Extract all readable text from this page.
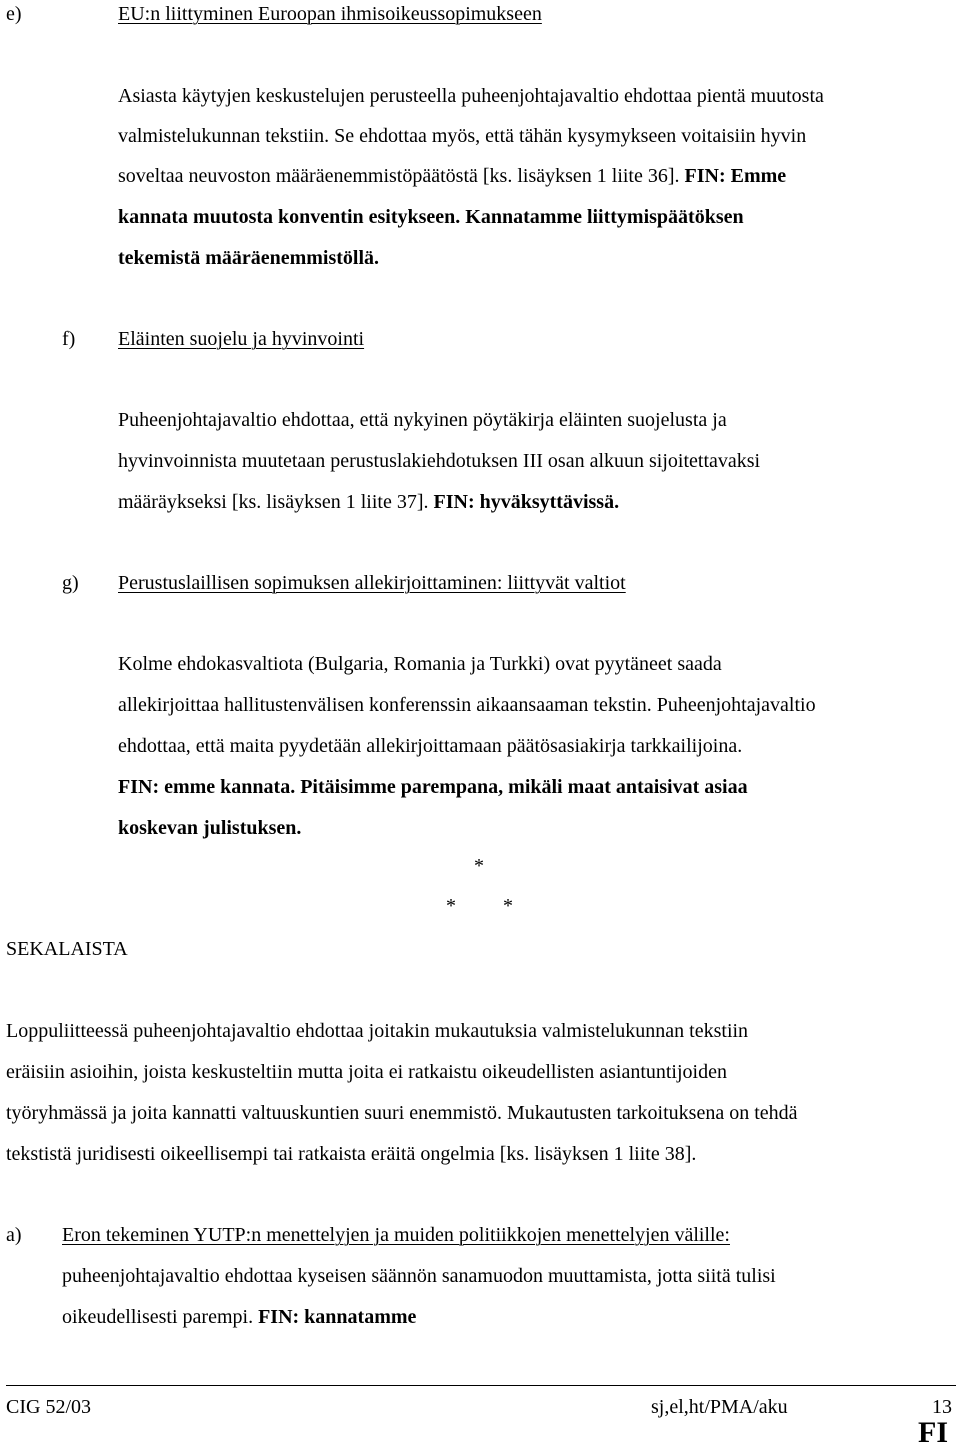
e)	EU:n liittyminen Euroopan ihmisoikeussopimukseen
Asiasta käytyjen keskustelujen perusteella puheenjohtajavaltio ehdottaa pientä muutosta
valmistelukunnan tekstiin. Se ehdottaa myös, että tähän kysymykseen voitaisiin hyvin
soveltaa neuvoston määräenemmistöpäätöstä [ks. lisäyksen 1 liite 36]. FIN: Emme
kannata muutosta konventin esitykseen. Kannatamme liittymispäätöksen
tekemistä määräenemmistöllä.
f) Eläinten suojelu ja hyvinvointi
Puheenjohtajavaltio ehdottaa, että nykyinen pöytäkirja eläinten suojelusta ja
hyvinvoinnista muutetaan perustuslakiehdotuksen III osan alkuun sijoitettavaksi
määräykseksi [ks. lisäyksen 1 liite 37]. FIN: hyväksyttävissä.
g) Perustuslaillisen sopimuksen allekirjoittaminen: liittyvät valtiot
Kolme ehdokasvaltiota (Bulgaria, Romania ja Turkki) ovat pyytäneet saada
allekirjoittaa hallitustenvälisen konferenssin aikaansaaman tekstin. Puheenjohtajavaltio
ehdottaa, että maita pyydetään allekirjoittamaan päätösasiakirja tarkkailijoina.
FIN: emme kannata. Pitäisimme parempana, mikäli maat antaisivat asiaa
koskevan julistuksen.
*
* *
SEKALAISTA
Loppuliitteessä puheenjohtajavaltio ehdottaa joitakin mukautuksia valmistelukunnan tekstiin
eräisiin asioihin, joista keskusteltiin mutta joita ei ratkaistu oikeudellisten asiantuntijoiden
työryhmässä ja joita kannatti valtuuskuntien suuri enemmistö. Mukautusten tarkoituksena on tehdä
tekstistä juridisesti oikeellisempi tai ratkaista eräitä ongelmia [ks. lisäyksen 1 liite 38].
a) Eron tekeminen YUTP:n menettelyjen ja muiden politiikkojen menettelyjen välille:
puheenjohtajavaltio ehdottaa kyseisen säännön sanamuodon muuttamista, jotta siitä tulisi
oikeudellisesti parempi. FIN: kannatamme
CIG 52/03	sj,el,ht/PMA/aku	13
FI
